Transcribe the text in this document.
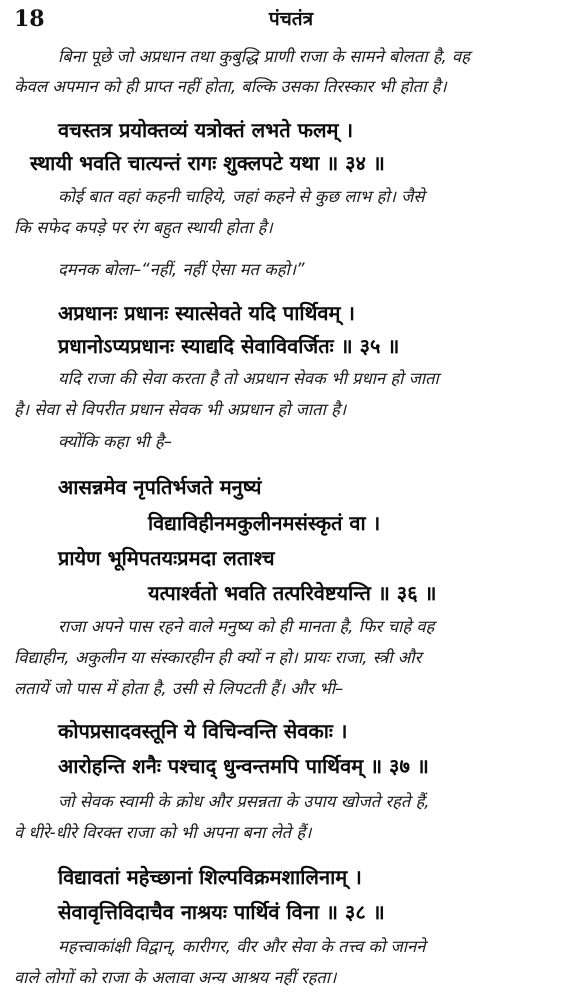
18	पंचतंत्र
बिना पूछे जो अप्रधान तथा कुबुद्धि प्राणी राजा के सामने बोलता है, वह
केवल अपमान को ही प्राप्त नहीं होता, बल्कि उसका तिरस्कार भी होता है।
वचस्तत्र प्रयोक्तव्यं यत्रोक्तं लभते फलम् ।
स्थायी भवति चात्यन्तं रागः शुक्लपटे यथा ॥ ३४ ॥
कोई बात वहां कहनी चाहिये, जहां कहने से कुछ लाभ हो। जैसे
कि सफेद कपड़े पर रंग बहुत स्थायी होता है।
दमनक बोला–“नहीं, नहीं ऐसा मत कहो।”
अप्रधानः प्रधानः स्यात्सेवते यदि पार्थिवम् ।
प्रधानोऽप्यप्रधानः स्याद्यदि सेवाविवर्जितः ॥ ३५ ॥
यदि राजा की सेवा करता है तो अप्रधान सेवक भी प्रधान हो जाता
है। सेवा से विपरीत प्रधान सेवक भी अप्रधान हो जाता है।
क्योंकि कहा भी है–
आसन्नमेव नृपतिर्भजते मनुष्यं
विद्याविहीनमकुलीनमसंस्कृतं वा ।
प्रायेण भूमिपतयःप्रमदा लताश्च
यत्पार्श्वतो भवति तत्परिवेष्टयन्ति ॥ ३६ ॥
राजा अपने पास रहने वाले मनुष्य को ही मानता है, फिर चाहे वह
विद्याहीन, अकुलीन या संस्कारहीन ही क्यों न हो। प्रायः राजा, स्त्री और
लतायें जो पास में होता है, उसी से लिपटती हैं। और भी–
कोपप्रसादवस्तूनि ये विचिन्वन्ति सेवकाः ।
आरोहन्ति शनैः पश्चाद् धुन्वन्तमपि पार्थिवम् ॥ ३७ ॥
जो सेवक स्वामी के क्रोध और प्रसन्नता के उपाय खोजते रहते हैं,
वे धीरे-धीरे विरक्त राजा को भी अपना बना लेते हैं।
विद्यावतां महेच्छानां शिल्पविक्रमशालिनाम् ।
सेवावृत्तिविदाचैव नाश्रयः पार्थिवं विना ॥ ३८ ॥
महत्त्वाकांक्षी विद्वान्, कारीगर, वीर और सेवा के तत्त्व को जानने
वाले लोगों को राजा के अलावा अन्य आश्रय नहीं रहता।
